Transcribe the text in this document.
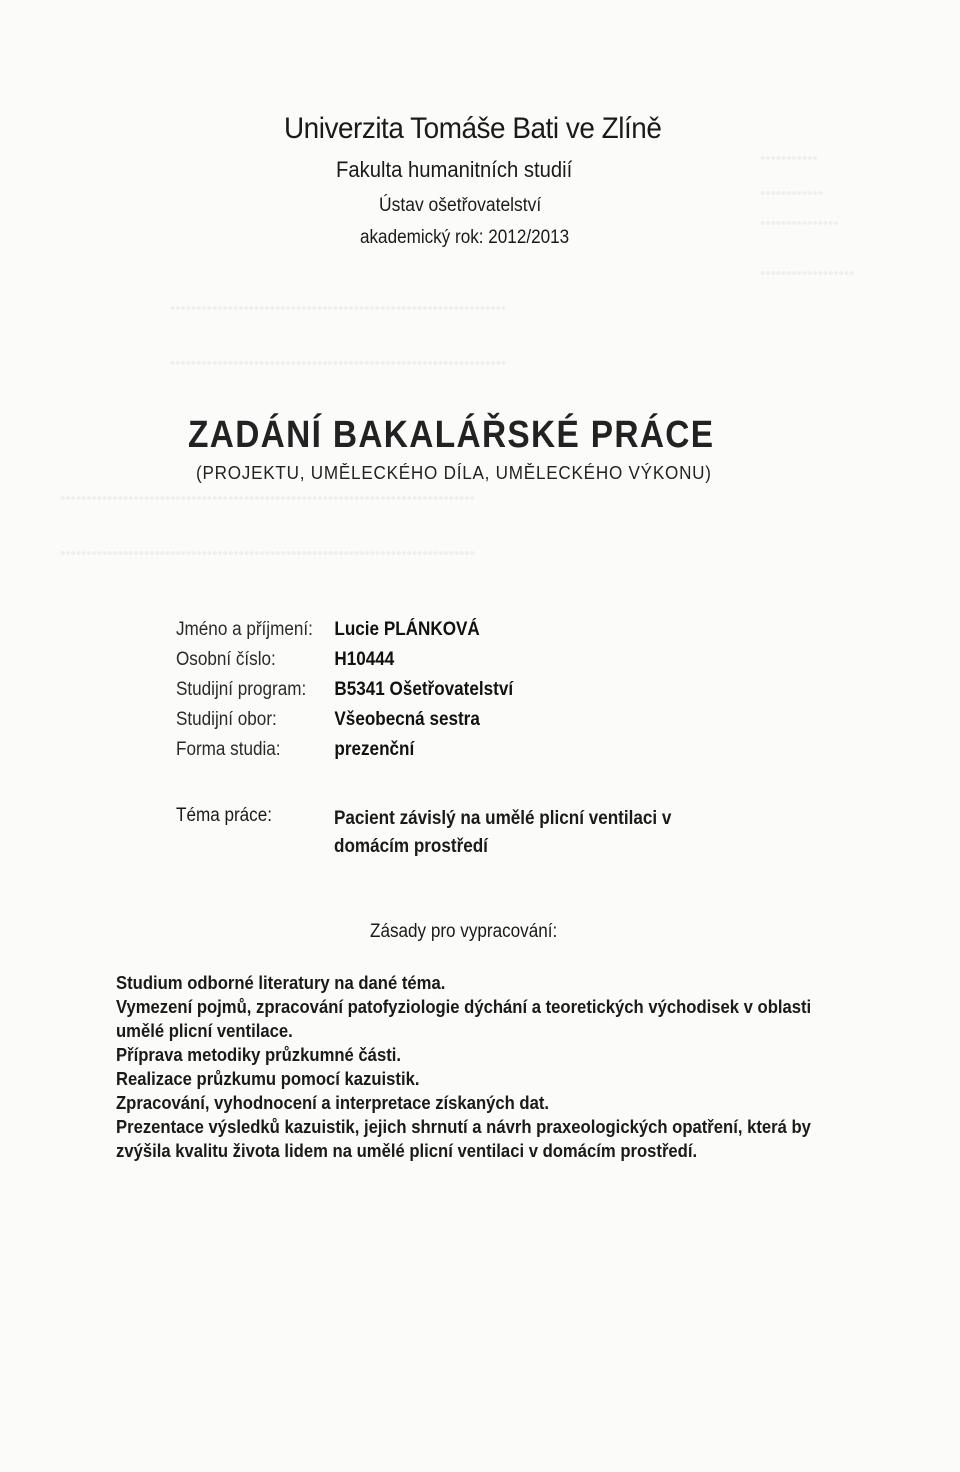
Univerzita Tomáše Bati ve Zlíně
Fakulta humanitních studií
Ústav ošetřovatelství
akademický rok: 2012/2013
ZADÁNÍ BAKALÁŘSKÉ PRÁCE
(PROJEKTU, UMĚLECKÉHO DÍLA, UMĚLECKÉHO VÝKONU)
Jméno a příjmení: Lucie PLÁNKOVÁ
Osobní číslo:	H10444
Studijní program: B5341 Ošetřovatelství
Studijní obor:	Všeobecná sestra
Forma studia:	prezenční
Téma práce:	Pacient závislý na umělé plicní ventilaci v domácím prostředí
Zásady pro vypracování:
Studium odborné literatury na dané téma.
Vymezení pojmů, zpracování patofyziologie dýchání a teoretických východisek v oblasti umělé plicní ventilace.
Příprava metodiky průzkumné části.
Realizace průzkumu pomocí kazuistik.
Zpracování, vyhodnocení a interpretace získaných dat.
Prezentace výsledků kazuistik, jejich shrnutí a návrh praxeologických opatření, která by zvýšila kvalitu života lidem na umělé plicní ventilaci v domácím prostředí.
